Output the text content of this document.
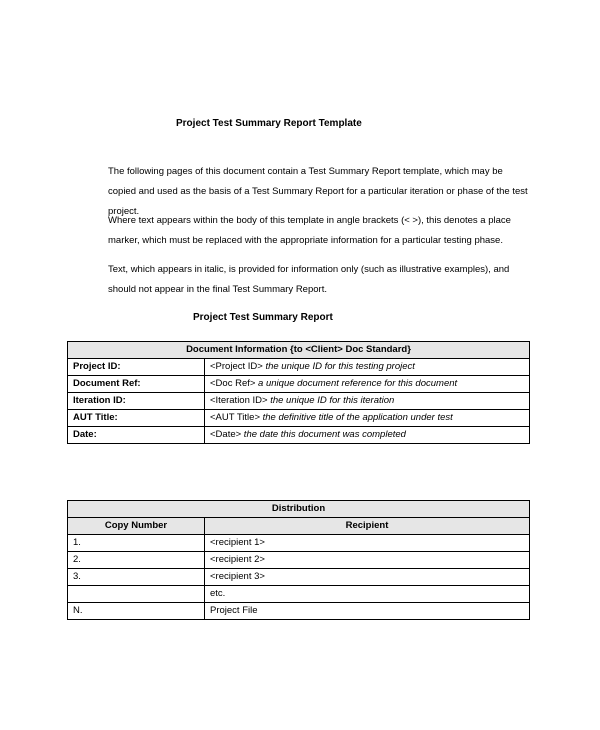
Project Test Summary Report Template

The following pages of this document contain a Test Summary Report template, which may be copied and used as the basis of a Test Summary Report for a particular iteration or phase of the test project.

Where text appears within the body of this template in angle brackets (< >), this denotes a place marker, which must be replaced with the appropriate information for a particular testing phase.

Text, which appears in italic, is provided for information only (such as illustrative examples), and should not appear in the final Test Summary Report.

Project Test Summary Report
Document Information {to <Client> Doc Standard}	
Project ID:	<Project ID> the unique ID for this testing project
Document Ref:	<Doc Ref> a unique document reference for this document
Iteration ID:	<Iteration ID> the unique ID for this iteration
AUT Title:	<AUT Title> the definitive title of the application under test
Date:	<Date> the date this document was completed
Distribution	
Copy Number	Recipient
1.	<recipient 1>
2.	<recipient 2>
3.	<recipient 3>
	etc.
N.	Project File
